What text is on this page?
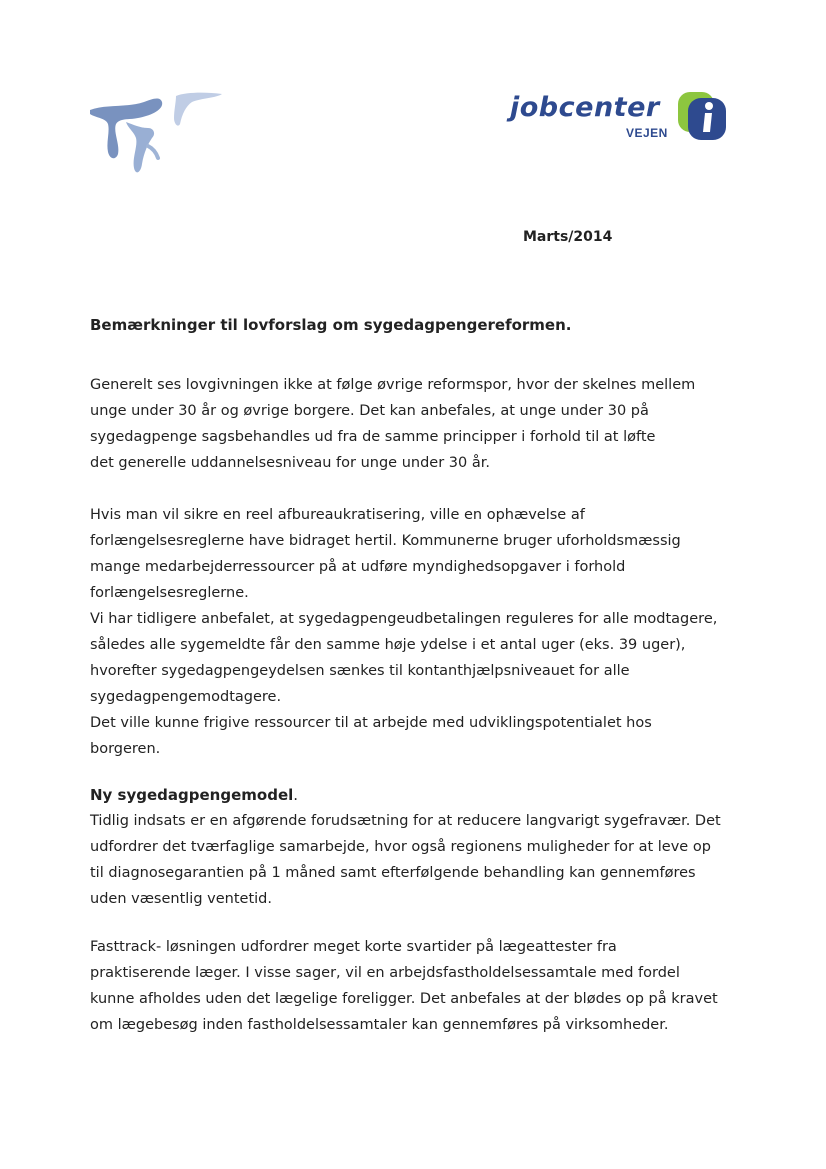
jobcenter
VEJEN
Marts/2014
Bemærkninger til lovforslag om sygedagpengereformen.
Generelt ses lovgivningen ikke at følge øvrige reformspor, hvor der skelnes mellem
unge under 30 år og øvrige borgere. Det kan anbefales, at unge under 30 på
sygedagpenge sagsbehandles ud fra de samme principper i forhold til at løfte
det generelle uddannelsesniveau for unge under 30 år.
Hvis man vil sikre en reel afbureaukratisering, ville en ophævelse af
forlængelsesreglerne have bidraget hertil. Kommunerne bruger uforholdsmæssig
mange medarbejderressourcer på at udføre myndighedsopgaver i forhold
forlængelsesreglerne.
Vi har tidligere anbefalet, at sygedagpengeudbetalingen reguleres for alle modtagere,
således alle sygemeldte får den samme høje ydelse i et antal uger (eks. 39 uger),
hvorefter sygedagpengeydelsen sænkes til kontanthjælpsniveauet for alle
sygedagpengemodtagere.
Det ville kunne frigive ressourcer til at arbejde med udviklingspotentialet hos
borgeren.
Ny sygedagpengemodel.
Tidlig indsats er en afgørende forudsætning for at reducere langvarigt sygefravær. Det
udfordrer det tværfaglige samarbejde, hvor også regionens muligheder for at leve op
til diagnosegarantien på 1 måned samt efterfølgende behandling kan gennemføres
uden væsentlig ventetid.
Fasttrack- løsningen udfordrer meget korte svartider på lægeattester fra
praktiserende læger. I visse sager, vil en arbejdsfastholdelsessamtale med fordel
kunne afholdes uden det lægelige foreligger. Det anbefales at der blødes op på kravet
om lægebesøg inden fastholdelsessamtaler kan gennemføres på virksomheder.
